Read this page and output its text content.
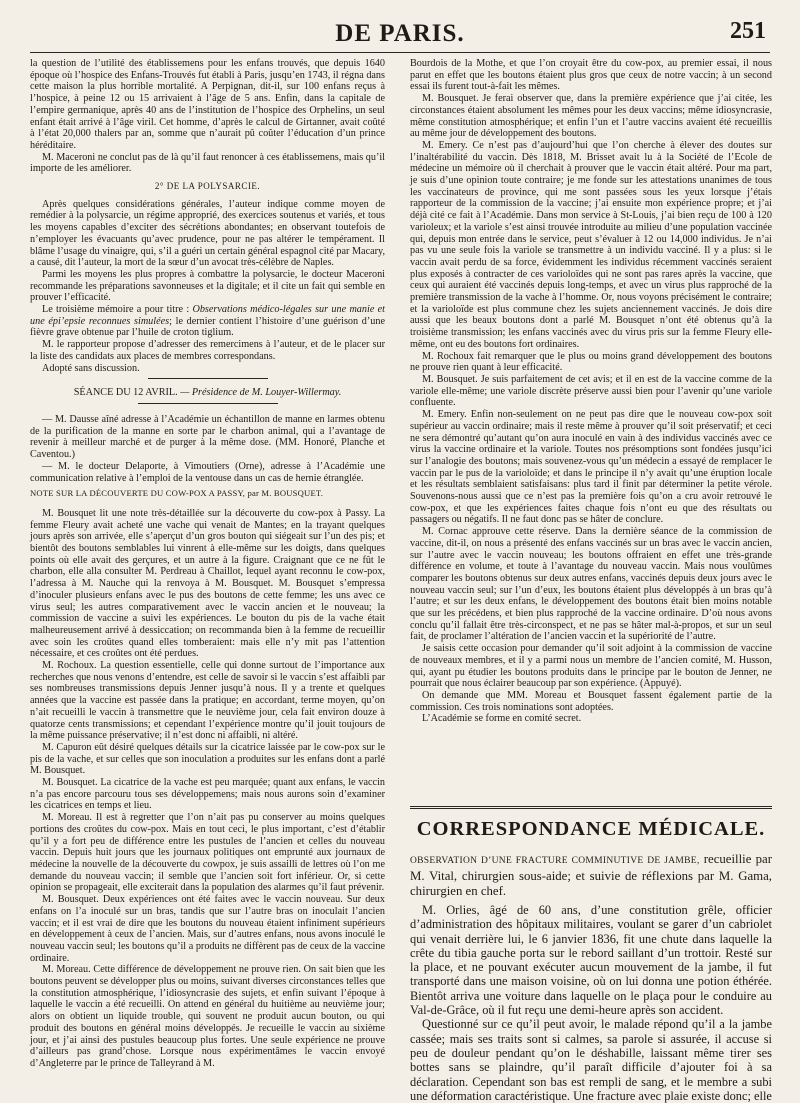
DE PARIS.	251

la question de l’utilité des établissemens pour les enfans trouvés, que depuis 1640 époque où l’hospice des Enfans-Trouvés fut établi à Paris, jusqu’en 1743, il régna dans cette maison la plus horrible mortalité. A Perpignan, dit-il, sur 100 enfans reçus à l’hospice, à peine 12 ou 15 arrivaient à l’âge de 5 ans. Enfin, dans la capitale de l’empire germanique, après 40 ans de l’institution de l’hospice des Orphelins, un seul enfant était arrivé à l’âge viril. Cet homme, d’après le calcul de Girtanner, avait coûté à l’état 20,000 thalers par an, somme que n’aurait pû coûter l’éducation d’un prince héréditaire.

M. Maceroni ne conclut pas de là qu’il faut renoncer à ces établissemens, mais qu’il importe de les améliorer.

2° DE LA POLYSARCIE.

Après quelques considérations générales, l’auteur indique comme moyen de remédier à la polysarcie, un régime approprié, des exercices soutenus et variés, et tous les moyens capables d’exciter des sécrétions abondantes; en observant toutefois de n’employer les évacuants qu’avec prudence, pour ne pas altérer le tempérament. Il blâme l’usage du vinaigre, qui, s’il a guéri un certain général espagnol cité par Macary, a causé, dit l’auteur, la mort de la sœur d’un avocat très-célèbre de Naples.

Parmi les moyens les plus propres à combattre la polysarcie, le docteur Maceroni recommande les préparations savonneuses et la digitale; et il cite un fait qui semble en prouver l’efficacité.

Le troisième mémoire a pour titre : Observations médico-légales sur une manie et une épi’epsie reconnues simulées; le dernier contient l’histoire d’une guérison d’une fièvre grave obtenue par l’huile de croton tiglium.

M. le rapporteur propose d’adresser des remercimens à l’auteur, et de le placer sur la liste des candidats aux places de membres correspondans.

Adopté sans discussion.

SÉANCE DU 12 AVRIL. — Présidence de M. Louyer-Willermay.

— M. Dausse aîné adresse à l’Académie un échantillon de manne en larmes obtenu de la purification de la manne en sorte par le charbon animal, qui a l’avantage de revenir à meilleur marché et de purger à la même dose. (MM. Honoré, Planche et Caventou.)

— M. le docteur Delaporte, à Vimoutiers (Orne), adresse à l’Académie une communication relative à l’emploi de la ventouse dans un cas de hernie étranglée.

NOTE SUR LA DÉCOUVERTE DU COW-POX A PASSY, par M. BOUSQUET.

M. Bousquet lit une note très-détaillée sur la découverte du cow-pox à Passy. La femme Fleury avait acheté une vache qui venait de Mantes; en la trayant quelques jours après son arrivée, elle s’aperçut d’un gros bouton qui siégeait sur l’un des pis; et bientôt des boutons semblables lui vinrent à elle-même sur les doigts, dans quelques points où elle avait des gerçures, et un autre à la figure. Craignant que ce ne fût le charbon, elle alla consulter M. Perdreau à Chaillot, lequel ayant reconnu le cow-pox, l’adressa à M. Nauche qui la renvoya à M. Bousquet. M. Bousquet s’empressa d’inoculer plusieurs enfans avec le pus des boutons de cette femme; les uns avec ce virus seul; les autres comparativement avec le vaccin ancien et le nouveau; la commission de vaccine a suivi les expériences. Le bouton du pis de la vache était malheureusement arrivé à dessiccation; on recommanda bien à la femme de recueillir avec soin les croûtes quand elles tomberaient: mais elle n’y mit pas l’attention nécessaire, et ces croûtes ont été perdues.

M. Rochoux. La question essentielle, celle qui donne surtout de l’importance aux recherches que nous venons d’entendre, est celle de savoir si le vaccin s’est affaibli par ses nombreuses transmissions depuis Jenner jusqu’à nous. Il y a trente et quelques années que la vaccine est passée dans la pratique; en accordant, terme moyen, qu’on n’ait recueilli le vaccin à transmettre que le neuvième jour, cela fait environ douze à quatorze cents transmissions; et cependant l’expérience montre qu’il jouit toujours de la même puissance préservative; il n’est donc ni affaibli, ni altéré.

M. Capuron eût désiré quelques détails sur la cicatrice laissée par le cow-pox sur le pis de la vache, et sur celles que son inoculation a produites sur les enfans dont a parlé M. Bousquet.

M. Bousquet. La cicatrice de la vache est peu marquée; quant aux enfans, le vaccin n’a pas encore parcouru tous ses développemens; mais nous aurons soin d’examiner les cicatrices en temps et lieu.

M. Moreau. Il est à regretter que l’on n’ait pas pu conserver au moins quelques portions des croûtes du cow-pox. Mais en tout ceci, le plus important, c’est d’établir qu’il y a fort peu de différence entre les pustules de l’ancien et celles du nouveau vaccin. Depuis huit jours que les journaux politiques ont emprunté aux journaux de médecine la nouvelle de la découverte du cowpox, je suis assailli de lettres où l’on me demande du nouveau vaccin; il semble que l’ancien soit fort inférieur. Or, si cette opinion se propageait, elle exciterait dans la population des alarmes qu’il faut prévenir.

M. Bousquet. Deux expériences ont été faites avec le vaccin nouveau. Sur deux enfans on l’a inoculé sur un bras, tandis que sur l’autre bras on inoculait l’ancien vaccin; et il est vrai de dire que les boutons du nouveau étaient infiniment supérieurs en développement à ceux de l’ancien. Mais, sur d’autres enfans, nous avons inoculé le nouveau vaccin seul; les boutons qu’il a produits ne diffèrent pas de ceux de la vaccine ordinaire.

M. Moreau. Cette différence de développement ne prouve rien. On sait bien que les boutons peuvent se développer plus ou moins, suivant diverses circonstances telles que la constitution atmosphérique, l’idiosyncrasie des sujets, et enfin suivant l’époque à laquelle le vaccin a été recueilli. On attend en général du huitième au neuvième jour; alors on obtient un liquide trouble, qui souvent ne produit aucun bouton, ou qui produit des boutons en général moins développés. Je recueille le vaccin au sixième jour, et j’ai ainsi des pustules beaucoup plus fortes. Une seule expérience ne prouve d’ailleurs pas grand’chose. Lorsque nous expérimentâmes le vaccin envoyé d’Angleterre par le prince de Talleyrand à M.

Bourdois de la Mothe, et que l’on croyait être du cow-pox, au premier essai, il nous parut en effet que les boutons étaient plus gros que ceux de notre vaccin; à un second essai ils furent tout-à-fait les mêmes.

M. Bousquet. Je ferai observer que, dans la première expérience que j’ai citée, les circonstances étaient absolument les mêmes pour les deux vaccins; même idiosyncrasie, même constitution atmosphérique; et enfin l’un et l’autre vaccins avaient été recueillis au même jour de développement des boutons.

M. Emery. Ce n’est pas d’aujourd’hui que l’on cherche à élever des doutes sur l’inaltérabilité du vaccin. Dès 1818, M. Brisset avait lu à la Société de l’Ecole de médecine un mémoire où il cherchait à prouver que le vaccin était altéré. Pour ma part, je suis d’une opinion toute contraire; je me fonde sur les attestations unanimes de tous les vaccinateurs de province, qui me sont passées sous les yeux lorsque j’étais rapporteur de la commission de la vaccine; j’ai ensuite mon expérience propre; et j’ai déjà cité ce fait à l’Académie. Dans mon service à St-Louis, j’ai bien reçu de 100 à 120 varioleux; et la variole s’est ainsi trouvée introduite au milieu d’une population vaccinée qui, depuis mon entrée dans le service, peut s’évaluer à 12 ou 14,000 individus. Je n’ai pas vu une seule fois la variole se transmettre à un individu vacciné. Il y a plus: si le vaccin avait perdu de sa force, évidemment les individus récemment vaccinés seraient plus exposés à contracter de ces varioloïdes qui ne sont pas rares après la vaccine, que ceux qui auraient été vaccinés depuis long-temps, et avec un virus plus rapproché de la première transmission de la vache à l’homme. Or, nous voyons précisément le contraire; et la varioloïde est plus commune chez les sujets anciennement vaccinés. Je dois dire aussi que les beaux boutons dont a parlé M. Bousquet n’ont été obtenus qu’à la troisième transmission; les enfans vaccinés avec du virus pris sur la femme Fleury elle-même, ont eu des boutons fort ordinaires.

M. Rochoux fait remarquer que le plus ou moins grand développement des boutons ne prouve rien quant à leur efficacité.

M. Bousquet. Je suis parfaitement de cet avis; et il en est de la vaccine comme de la variole elle-même; une variole discrète préserve aussi bien pour l’avenir qu’une variole confluente.

M. Emery. Enfin non-seulement on ne peut pas dire que le nouveau cow-pox soit supérieur au vaccin ordinaire; mais il reste même à prouver qu’il soit préservatif; et ceci ne sera démontré qu’autant qu’on aura inoculé en vain à des individus vaccinés avec ce virus la vaccine ordinaire et la variole. Toutes nos présomptions sont fondées jusqu’ici sur l’analogie des boutons; mais souvenez-vous qu’un médecin a essayé de remplacer le vaccin par le pus de la varioloïde; et dans le principe il n’y avait qu’une éruption locale et les résultats semblaient satisfaisans: plus tard il finit par déterminer la petite vérole. Souvenons-nous aussi que ce n’est pas la première fois qu’on a cru avoir retrouvé le cow-pox, et que les expériences faites chaque fois n’ont eu que des résultats ou passagers ou négatifs. Il ne faut donc pas se hâter de conclure.

M. Cornac approuve cette réserve. Dans la dernière séance de la commission de vaccine, dit-il, on nous a présenté des enfans vaccinés sur un bras avec le vaccin ancien, sur l’autre avec le vaccin nouveau; les boutons offraient en effet une très-grande différence en volume, et toute à l’avantage du nouveau vaccin. Mais nous voulûmes comparer les boutons obtenus sur deux autres enfans, vaccinés depuis deux jours avec le nouveau vaccin seul; sur l’un d’eux, les boutons étaient plus développés à un bras qu’à l’autre; et sur les deux enfans, le développement des boutons était bien moins notable que sur les précédens, et bien plus rapproché de la vaccine ordinaire. D’où nous avons conclu qu’il fallait être très-circonspect, et ne pas se hâter mal-à-propos, et sur un seul fait, de proclamer l’altération de l’ancien vaccin et la supériorité de l’autre.

Je saisis cette occasion pour demander qu’il soit adjoint à la commission de vaccine de nouveaux membres, et il y a parmi nous un membre de l’ancien comité, M. Husson, qui, ayant pu étudier les boutons produits dans le principe par le bouton de Jenner, ne pourrait que nous éclairer beaucoup par son expérience. (Appuyé).

On demande que MM. Moreau et Bousquet fassent également partie de la commission. Ces trois nominations sont adoptées.

L’Académie se forme en comité secret.

CORRESPONDANCE MÉDICALE.

OBSERVATION D’UNE FRACTURE COMMINUTIVE DE JAMBE, recueillie par M. Vital, chirurgien sous-aide; et suivie de réflexions par M. Gama, chirurgien en chef.

M. Orlies, âgé de 60 ans, d’une constitution grêle, officier d’administration des hôpitaux militaires, voulant se garer d’un cabriolet qui venait derrière lui, le 6 janvier 1836, fit une chute dans laquelle la crête du tibia gauche porta sur le rebord saillant d’un trottoir. Resté sur la place, et ne pouvant exécuter aucun mouvement de la jambe, il fut transporté dans une maison voisine, où on lui donna une potion éthérée. Bientôt arriva une voiture dans laquelle on le plaça pour le conduire au Val-de-Grâce, où il fut reçu une demi-heure après son accident.

Questionné sur ce qu’il peut avoir, le malade répond qu’il a la jambe cassée; mais ses traits sont si calmes, sa parole si assurée, il accuse si peu de douleur pendant qu’on le déshabille, laissant même tirer ses bottes sans se plaindre, qu’il paraît difficile d’ajouter foi à sa déclaration. Cependant son bas est rempli de sang, et le membre a subi une déformation caractéristique. Une fracture avec plaie existe donc; elle
